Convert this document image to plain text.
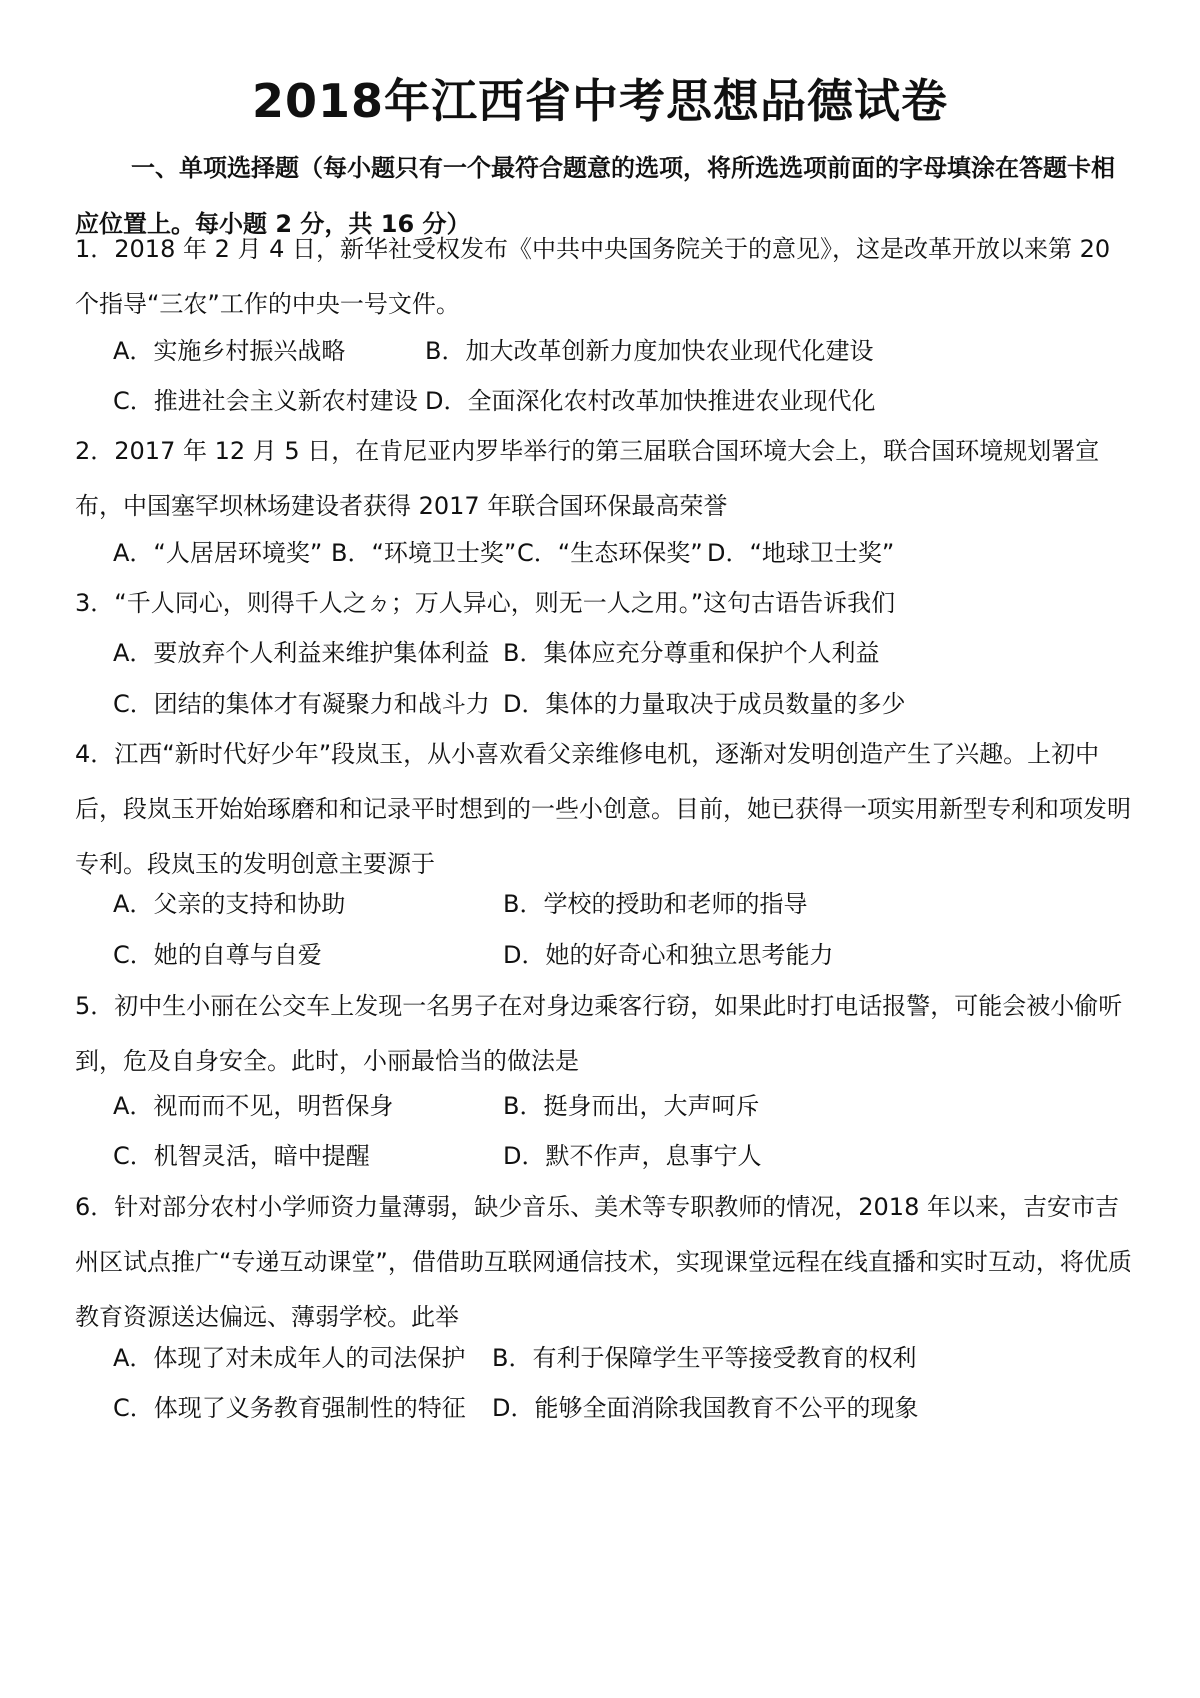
2018年江西省中考思想品德试卷
一、单项选择题（每小题只有一个最符合题意的选项，将所选选项前面的字母填涂在答题卡相应位置上。每小题 2 分，共 16 分）
1．2018 年 2 月 4 日，新华社受权发布《中共中央国务院关于的意见》，这是改革开放以来第 20 个指导“三农”工作的中央一号文件。
A．实施乡村振兴战略	B．加大改革创新力度加快农业现代化建设
C．推进社会主义新农村建设 D．全面深化农村改革加快推进农业现代化
2．2017 年 12 月 5 日，在肯尼亚内罗毕举行的第三届联合国环境大会上，联合国环境规划署宣布，中国塞罕坝林场建设者获得 2017 年联合国环保最高荣誉
A．“人居居环境奖” B．“环境卫士奖” C．“生态环保奖” D．“地球卫士奖”
3．“千人同心，则得千人之ㄉ；万人异心，则无一人之用。”这句古语告诉我们
A．要放弃个人利益来维护集体利益 B．集体应充分尊重和保护个人利益
C．团结的集体才有凝聚力和战斗力 D．集体的力量取决于成员数量的多少
4．江西“新时代好少年”段岚玉，从小喜欢看父亲维修电机，逐渐对发明创造产生了兴趣。上初中后，段岚玉开始始琢磨和和记录平时想到的一些小创意。目前，她已获得一项实用新型专利和项发明专利。段岚玉的发明创意主要源于
A．父亲的支持和协助	B．学校的授助和老师的指导
C．她的自尊与自爱	D．她的好奇心和独立思考能力
5．初中生小丽在公交车上发现一名男子在对身边乘客行窃，如果此时打电话报警，可能会被小偷听到，危及自身安全。此时，小丽最恰当的做法是
A．视而而不见，明哲保身	B．挺身而出，大声呵斥
C．机智灵活，暗中提醒	D．默不作声，息事宁人
6．针对部分农村小学师资力量薄弱，缺少音乐、美术等专职教师的情况，2018 年以来，吉安市吉州区试点推广“专递互动课堂”，借借助互联网通信技术，实现课堂远程在线直播和实时互动，将优质教育资源送达偏远、薄弱学校。此举
A．体现了对未成年人的司法保护 B．有利于保障学生平等接受教育的权利
C．体现了义务教育强制性的特征 D．能够全面消除我国教育不公平的现象
